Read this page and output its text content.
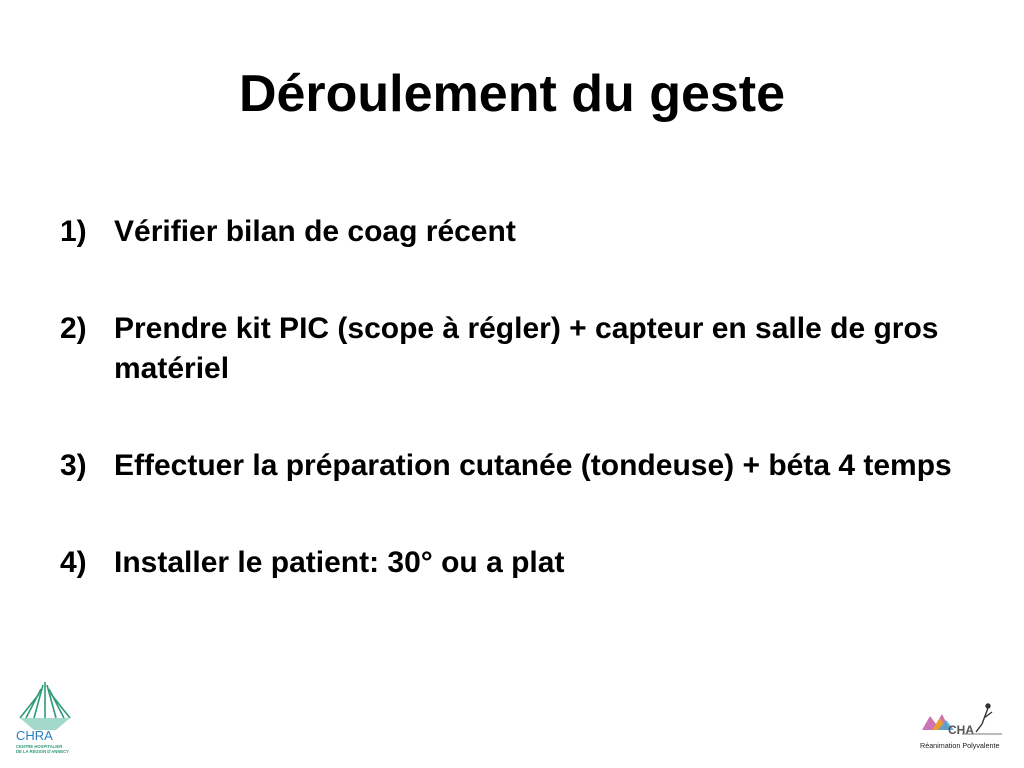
Déroulement du geste
1) Vérifier bilan de coag récent
2) Prendre kit PIC (scope à régler) + capteur en salle de gros matériel
3) Effectuer la préparation cutanée (tondeuse) + béta 4 temps
4) Installer le patient: 30° ou a plat
CHRA
CENTRE HOSPITALIER
DE LA RÉGION D'ANNECY
CHA
Réanimation Polyvalente
